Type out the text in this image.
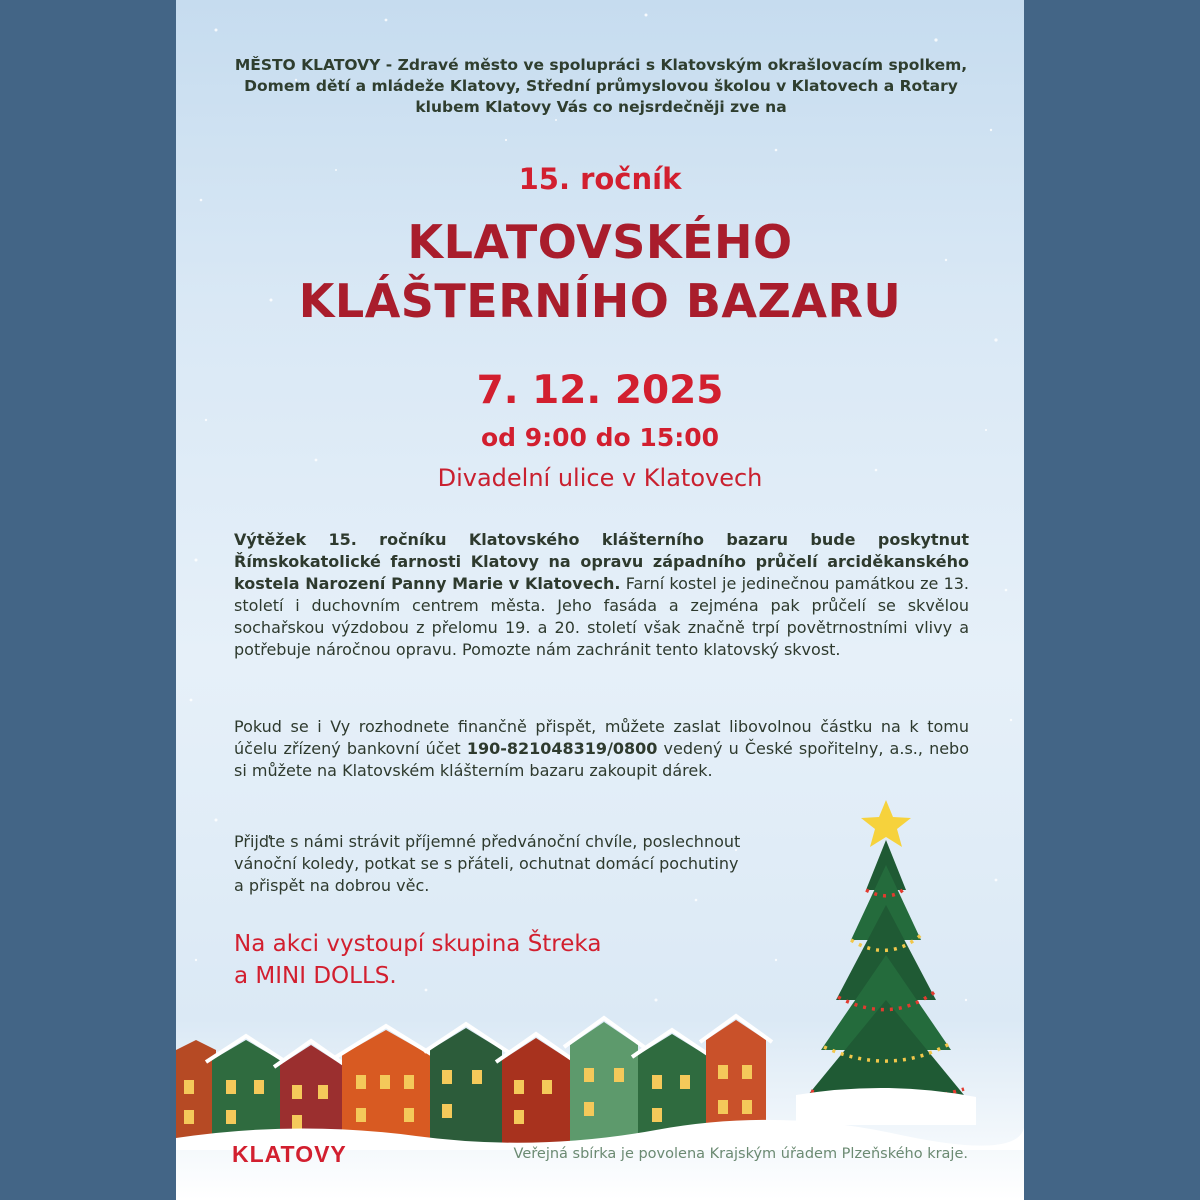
MĚSTO KLATOVY - Zdravé město ve spolupráci s Klatovským okrašlovacím spolkem, Domem dětí a mládeže Klatovy, Střední průmyslovou školou v Klatovech a Rotary klubem Klatovy Vás co nejsrdečněji zve na
15. ročník
KLATOVSKÉHO
KLÁŠTERNÍHO BAZARU
7. 12. 2025
od 9:00 do 15:00
Divadelní ulice v Klatovech

Výtěžek 15. ročníku Klatovského klášterního bazaru bude poskytnut Římskokatolické farnosti Klatovy na opravu západního průčelí arciděkanského kostela Narození Panny Marie v Klatovech. Farní kostel je jedinečnou památkou ze 13. století i duchovním centrem města. Jeho fasáda a zejména pak průčelí se skvělou sochařskou výzdobou z přelomu 19. a 20. století však značně trpí povětrnostními vlivy a potřebuje náročnou opravu. Pomozte nám zachránit tento klatovský skvost.

Pokud se i Vy rozhodnete finančně přispět, můžete zaslat libovolnou částku na k tomu účelu zřízený bankovní účet 190-821048319/0800 vedený u České spořitelny, a.s., nebo si můžete na Klatovském klášterním bazaru zakoupit dárek.

Přijďte s námi strávit příjemné předvánoční chvíle, poslechnout
vánoční koledy, potkat se s přáteli, ochutnat domácí pochutiny
a přispět na dobrou věc.

Na akci vystoupí skupina Štreka
a MINI DOLLS.
KLATOVY	Veřejná sbírka je povolena Krajským úřadem Plzeňského kraje.
